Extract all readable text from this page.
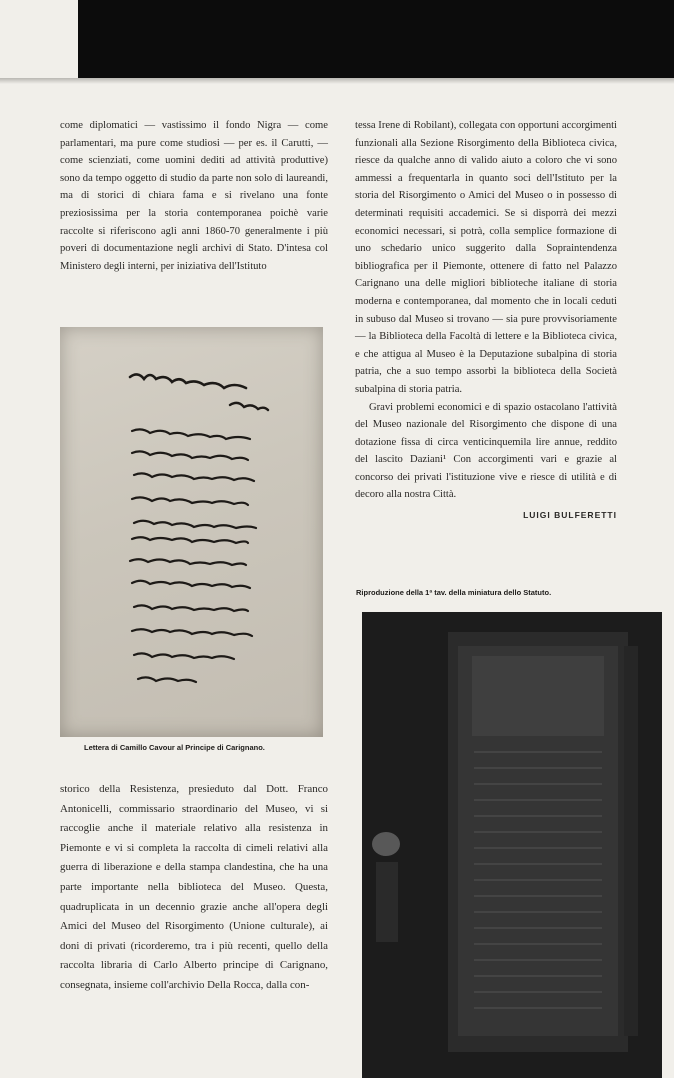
come diplomatici — vastissimo il fondo Nigra — come parlamentari, ma pure come studiosi — per es. il Carutti, — come scienziati, come uomini dediti ad attività produttive) sono da tempo oggetto di studio da parte non solo di laureandi, ma di storici di chiara fama e si rivelano una fonte preziosissima per la storia contemporanea poichè varie raccolte si riferiscono agli anni 1860-70 generalmente i più poveri di documentazione negli archivi di Stato. D'intesa col Ministero degli interni, per iniziativa dell'Istituto

Lettera di Camillo Cavour al Principe di Carignano.

storico della Resistenza, presieduto dal Dott. Franco Antonicelli, commissario straordinario del Museo, vi si raccoglie anche il materiale relativo alla resistenza in Piemonte e vi si completa la raccolta di cimeli relativi alla guerra di liberazione e della stampa clandestina, che ha una parte importante nella biblioteca del Museo. Questa, quadruplicata in un decennio grazie anche all'opera degli Amici del Museo del Risorgimento (Unione culturale), ai doni di privati (ricorderemo, tra i più recenti, quello della raccolta libraria di Carlo Alberto principe di Carignano, consegnata, insieme coll'archivio Della Rocca, dalla con-

tessa Irene di Robilant), collegata con opportuni accorgimenti funzionali alla Sezione Risorgimento della Biblioteca civica, riesce da qualche anno di valido aiuto a coloro che vi sono ammessi a frequentarla in quanto soci dell'Istituto per la storia del Risorgimento o Amici del Museo o in possesso di determinati requisiti accademici. Se si disporrà dei mezzi economici necessari, si potrà, colla semplice formazione di uno schedario unico suggerito dalla Sopraintendenza bibliografica per il Piemonte, ottenere di fatto nel Palazzo Carignano una delle migliori biblioteche italiane di storia moderna e contemporanea, dal momento che in locali ceduti in subuso dal Museo si trovano — sia pure provvisoriamente — la Biblioteca della Facoltà di lettere e la Biblioteca civica, e che attigua al Museo è la Deputazione subalpina di storia patria, che a suo tempo assorbì la biblioteca della Società subalpina di storia patria.

Gravi problemi economici e di spazio ostacolano l'attività del Museo nazionale del Risorgimento che dispone di una dotazione fissa di circa venticinquemila lire annue, reddito del lascito Daziani¹ Con accorgimenti vari e grazie al concorso dei privati l'istituzione vive e riesce di utilità e di decoro alla nostra Città.

LUIGI BULFERETTI
Riproduzione della 1ª tav. della miniatura dello Statuto.
